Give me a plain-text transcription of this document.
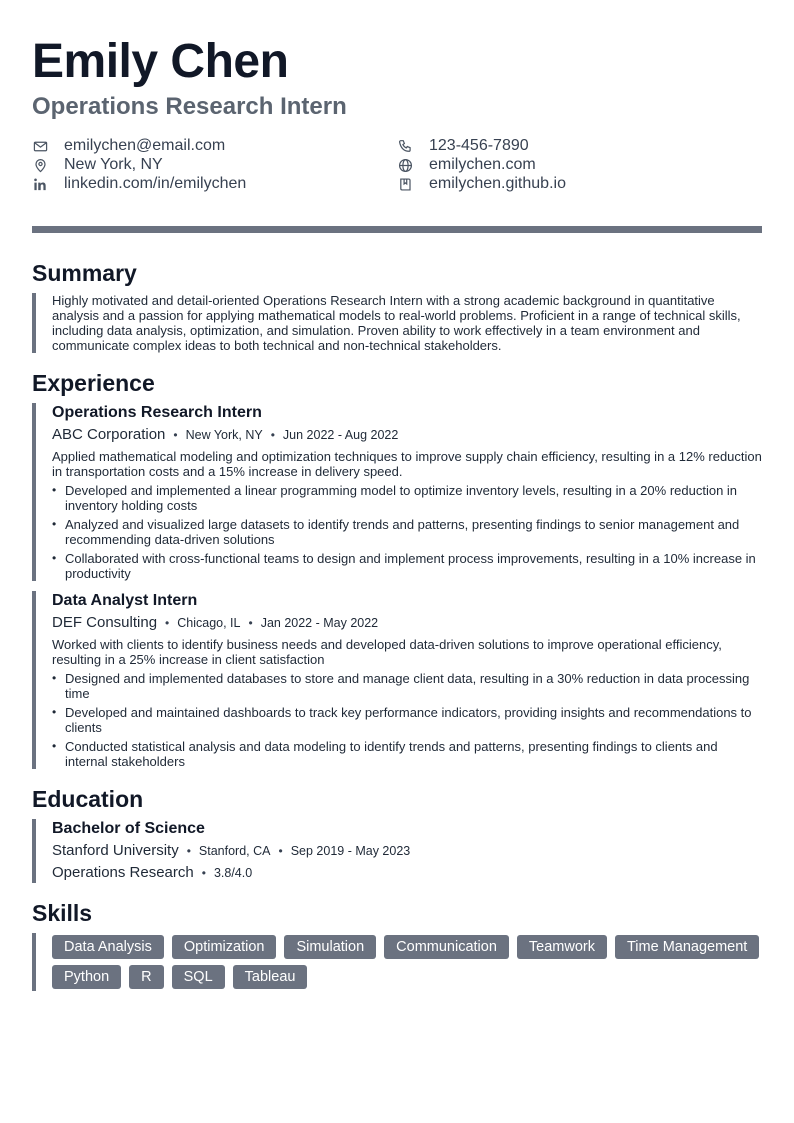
Emily Chen
Operations Research Intern
emilychen@email.com	123-456-7890
New York, NY	emilychen.com
linkedin.com/in/emilychen	emilychen.github.io
Summary

Highly motivated and detail-oriented Operations Research Intern with a strong academic background in quantitative analysis and a passion for applying mathematical models to real-world problems. Proficient in a range of technical skills, including data analysis, optimization, and simulation. Proven ability to work effectively in a team environment and communicate complex ideas to both technical and non-technical stakeholders.

Experience
Operations Research Intern
ABC Corporation • New York, NY • Jun 2022 - Aug 2022

Applied mathematical modeling and optimization techniques to improve supply chain efficiency, resulting in a 12% reduction in transportation costs and a 15% increase in delivery speed.

• Developed and implemented a linear programming model to optimize inventory levels, resulting in a 20% reduction in inventory holding costs
• Analyzed and visualized large datasets to identify trends and patterns, presenting findings to senior management and recommending data-driven solutions
• Collaborated with cross-functional teams to design and implement process improvements, resulting in a 10% increase in productivity
Data Analyst Intern
DEF Consulting • Chicago, IL • Jan 2022 - May 2022

Worked with clients to identify business needs and developed data-driven solutions to improve operational efficiency, resulting in a 25% increase in client satisfaction

• Designed and implemented databases to store and manage client data, resulting in a 30% reduction in data processing time
• Developed and maintained dashboards to track key performance indicators, providing insights and recommendations to clients
• Conducted statistical analysis and data modeling to identify trends and patterns, presenting findings to clients and internal stakeholders
Education
Bachelor of Science
Stanford University • Stanford, CA • Sep 2019 - May 2023
Operations Research • 3.8/4.0
Skills
Data Analysis	Optimization	Simulation	Communication	Teamwork	Time Management
Python	R	SQL	Tableau
